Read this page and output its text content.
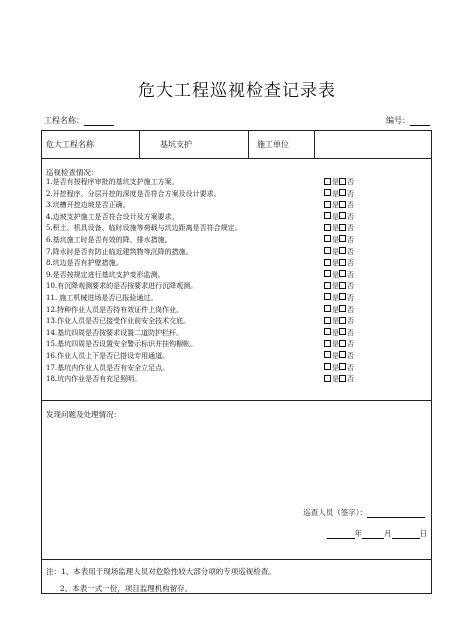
危大工程巡视检查记录表
工程名称：	编号：
危大工程名称	基坑支护	施工单位
巡视检查情况：
1.是否有按程序审批的基坑支护施工方案。	是 否
2.开挖程序、分层开挖的深度是否符合方案及设计要求。	是 否
3.坑槽开挖边坡是否正确。	是 否
4.边坡支护施工是否符合设计及方案要求。	是 否
5.积土、机具设备、临时设施等荷载与坑边距离是否符合规定。	是 否
6.基坑施工时是否有效的降、排水措施。	是 否
7.降水时是否有防止临近建筑物等沉降的措施。	是 否
8.坑边是否有护壁措施。	是 否
9.是否按规定进行基坑支护变形监测。	是 否
10.有沉降观测要求的是否按要求进行沉降观测。	是 否
11. 施工机械进场是否已报验通过。	是 否
12.特种作业人员是否持有效证件上岗作业。	是 否
13.作业人员是否已接受作业前安全技术交底。	是 否
14.基坑四周是否按要求设置二道防护栏杆。	是 否
15.基坑四周是否设置安全警示标识并挂钩橱帐。	是 否
16.作业人员上下是否已搭设专用通道。	是 否
17.基坑内作业人员是否有安全立足点。	是 否
18.坑内作业是否有充足照明。	是 否
发现问题及处理情况：
巡查人员（签字）：
年	月	日
注：1、本表用于现场监理人员对危险性较大部分项的专项巡视检查。
2、本表一式一份，项目监理机构留存。
